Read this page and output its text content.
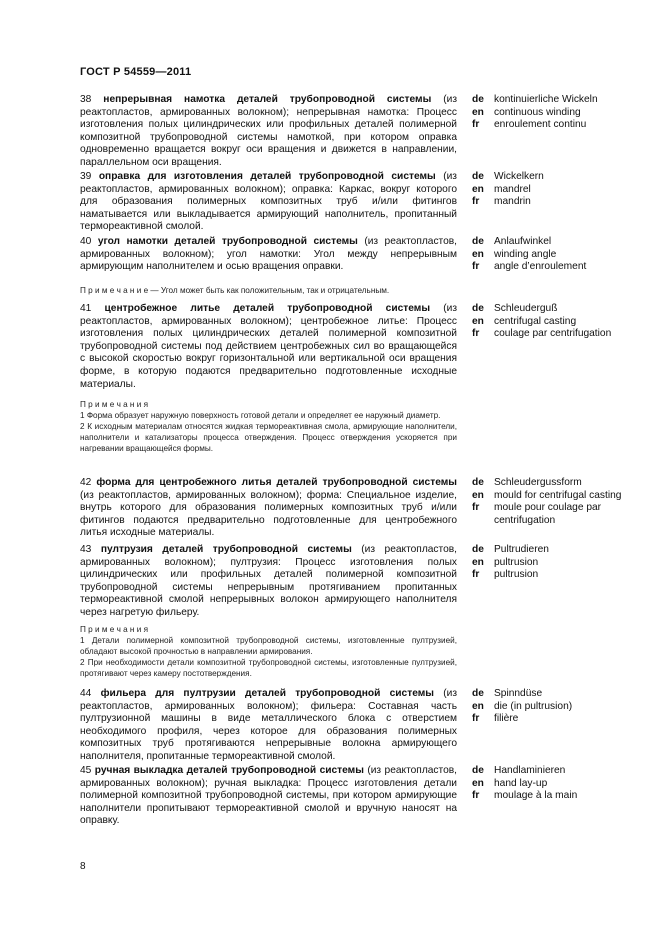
ГОСТ Р 54559—2011
38 непрерывная намотка деталей трубопроводной системы (из реактопластов, армированных волокном); непрерывная намотка: Процесс изготовления полых цилиндрических или профильных деталей полимерной композитной трубопроводной системы намоткой, при котором оправка одновременно вращается вокруг оси вращения и движется в направлении, параллельном оси вращения.
de kontinuierliche Wickeln
en continuous winding
fr	enroulement continu
39 оправка для изготовления деталей трубопроводной системы (из реактопластов, армированных волокном); оправка: Каркас, вокруг которого для образования полимерных композитных труб и/или фитингов наматывается или выкладывается армирующий наполнитель, пропитанный термореактивной смолой.
de Wickelkern
en mandrel
fr	mandrin
40 угол намотки деталей трубопроводной системы (из реактопластов, армированных волокном); угол намотки: Угол между непрерывным армирующим наполнителем и осью вращения оправки.
de Anlaufwinkel
en winding angle
fr	angle d’enroulement
П р и м е ч а н и е — Угол может быть как положительным, так и отрицательным.
41 центробежное литье деталей трубопроводной системы (из реактопластов, армированных волокном); центробежное литье: Процесс изготовления полых цилиндрических деталей полимерной композитной трубопроводной системы под действием центробежных сил во вращающейся с высокой скоростью вокруг горизонтальной или вертикальной оси вращения форме, в которую подаются предварительно подготовленные исходные материалы.
de Schleuderguß
en centrifugal casting
fr	coulage par centrifugation
П р и м е ч а н и я
1 Форма образует наружную поверхность готовой детали и определяет ее наружный диаметр.
2 К исходным материалам относятся жидкая термореактивная смола, армирующие наполнители, наполнители и катализаторы процесса отверждения. Процесс отверждения ускоряется при нагревании вращающейся формы.
42 форма для центробежного литья деталей трубопроводной системы (из реактопластов, армированных волокном); форма: Специальное изделие, внутрь которого для образования полимерных композитных труб и/или фитингов подаются предварительно подготовленные для центробежного литья исходные материалы.
de Schleudergussform
en mould for centrifugal casting
fr	moule pour coulage par centrifugation
43 пултрузия деталей трубопроводной системы (из реактопластов, армированных волокном); пултрузия: Процесс изготовления полых цилиндрических или профильных деталей полимерной композитной трубопроводной системы непрерывным протягиванием пропитанных термореактивной смолой непрерывных волокон армирующего наполнителя через нагретую фильеру.
de Pultrudieren
en pultrusion
fr	pultrusion
П р и м е ч а н и я
1 Детали полимерной композитной трубопроводной системы, изготовленные пултрузией, обладают высокой прочностью в направлении армирования.
2 При необходимости детали композитной трубопроводной системы, изготовленные пултрузией, протягивают через камеру постотверждения.
44 фильера для пултрузии деталей трубопроводной системы (из реактопластов, армированных волокном); фильера: Составная часть пултрузионной машины в виде металлического блока с отверстием необходимого профиля, через которое для образования полимерных композитных труб протягиваются непрерывные волокна армирующего наполнителя, пропитанные термореактивной смолой.
de Spinndüse
en die (in pultrusion)
fr	filière
45 ручная выкладка деталей трубопроводной системы (из реактопластов, армированных волокном); ручная выкладка: Процесс изготовления детали полимерной композитной трубопроводной системы, при котором армирующие наполнители пропитывают термореактивной смолой и вручную наносят на оправку.
de Handlaminieren
en hand lay-up
fr	moulage à la main
8
